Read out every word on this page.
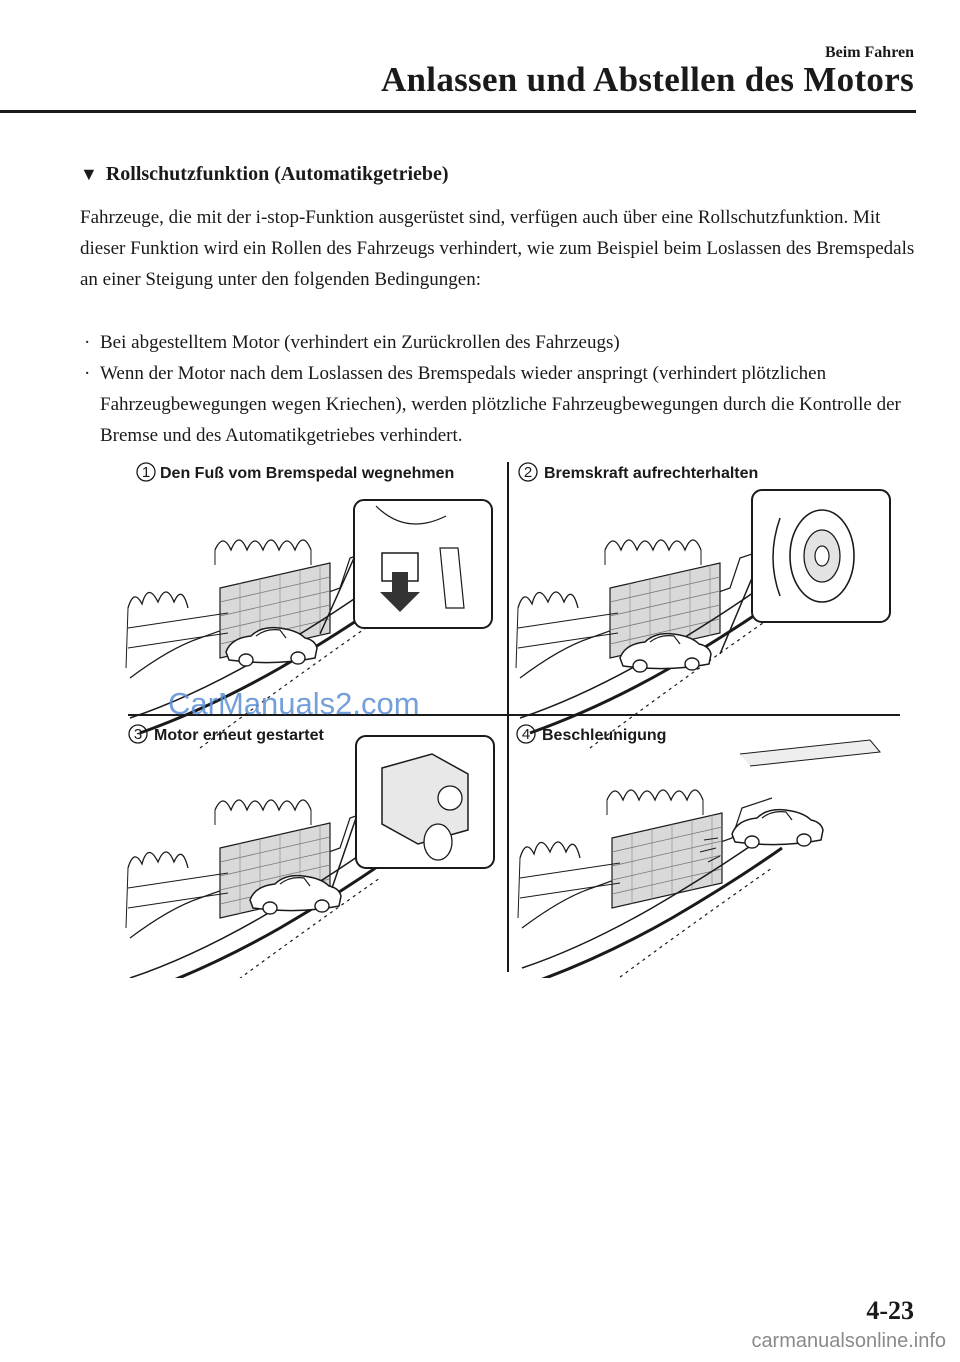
Beim Fahren
Anlassen und Abstellen des Motors
▼ Rollschutzfunktion (Automatikgetriebe)

Fahrzeuge, die mit der i-stop-Funktion ausgerüstet sind, verfügen auch über eine Rollschutzfunktion. Mit dieser Funktion wird ein Rollen des Fahrzeugs verhindert, wie zum Beispiel beim Loslassen des Bremspedals an einer Steigung unter den folgenden Bedingungen:

· Bei abgestelltem Motor (verhindert ein Zurückrollen des Fahrzeugs)
· Wenn der Motor nach dem Loslassen des Bremspedals wieder anspringt (verhindert plötzlichen Fahrzeugbewegungen wegen Kriechen), werden plötzliche Fahrzeugbewegungen durch die Kontrolle der Bremse und des Automatikgetriebes verhindert.
1 Den Fuß vom Bremspedal wegnehmen	2 Bremskraft aufrechterhalten
3 Motor erneut gestartet	4 Beschleunigung
CarManuals2.com
4-23
carmanualsonline.info
